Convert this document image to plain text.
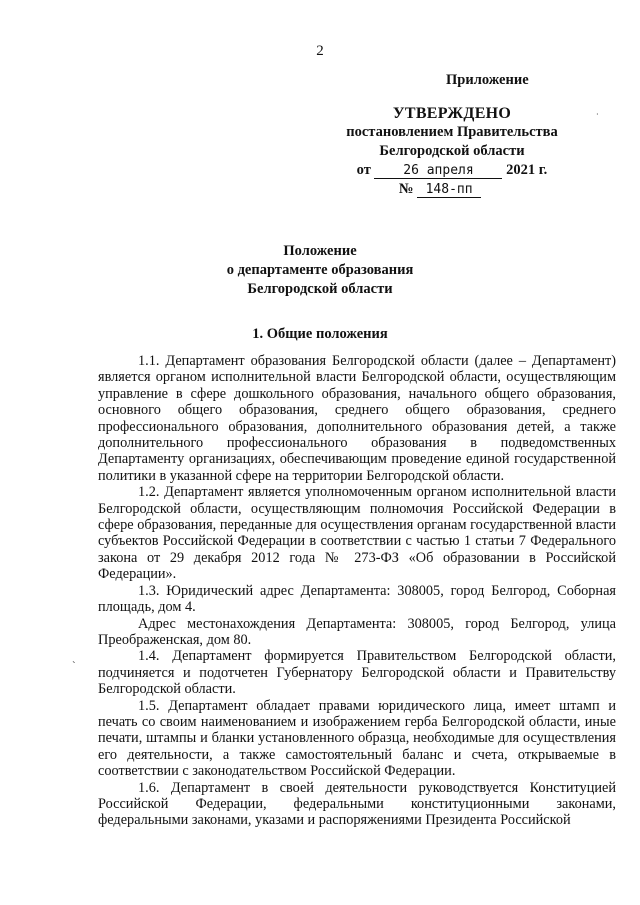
2
Приложение
УТВЕРЖДЕНО
постановлением Правительства
Белгородской области
от 26 апреля 2021 г.
№ 148-пп
·
Положение
о департаменте образования
Белгородской области
1. Общие положения

1.1. Департамент образования Белгородской области (далее – Департамент) является органом исполнительной власти Белгородской области, осуществляющим управление в сфере дошкольного образования, начального общего образования, основного общего образования, среднего общего образования, среднего профессионального образования, дополнительного образования детей, а также дополнительного профессионального образования в подведомственных Департаменту организациях, обеспечивающим проведение единой государственной политики в указанной сфере на территории Белгородской области.

1.2. Департамент является уполномоченным органом исполнительной власти Белгородской области, осуществляющим полномочия Российской Федерации в сфере образования, переданные для осуществления органам государственной власти субъектов Российской Федерации в соответствии с частью 1 статьи 7 Федерального закона от 29 декабря 2012 года № 273-ФЗ «Об образовании в Российской Федерации».

1.3. Юридический адрес Департамента: 308005, город Белгород, Соборная площадь, дом 4.

Адрес местонахождения Департамента: 308005, город Белгород, улица Преображенская, дом 80.

1.4. Департамент формируется Правительством Белгородской области, подчиняется и подотчетен Губернатору Белгородской области и Правительству Белгородской области.

1.5. Департамент обладает правами юридического лица, имеет штамп и печать со своим наименованием и изображением герба Белгородской области, иные печати, штампы и бланки установленного образца, необходимые для осуществления его деятельности, а также самостоятельный баланс и счета, открываемые в соответствии с законодательством Российской Федерации.

1.6. Департамент в своей деятельности руководствуется Конституцией Российской Федерации, федеральными конституционными законами, федеральными законами, указами и распоряжениями Президента Российской

ˋ
